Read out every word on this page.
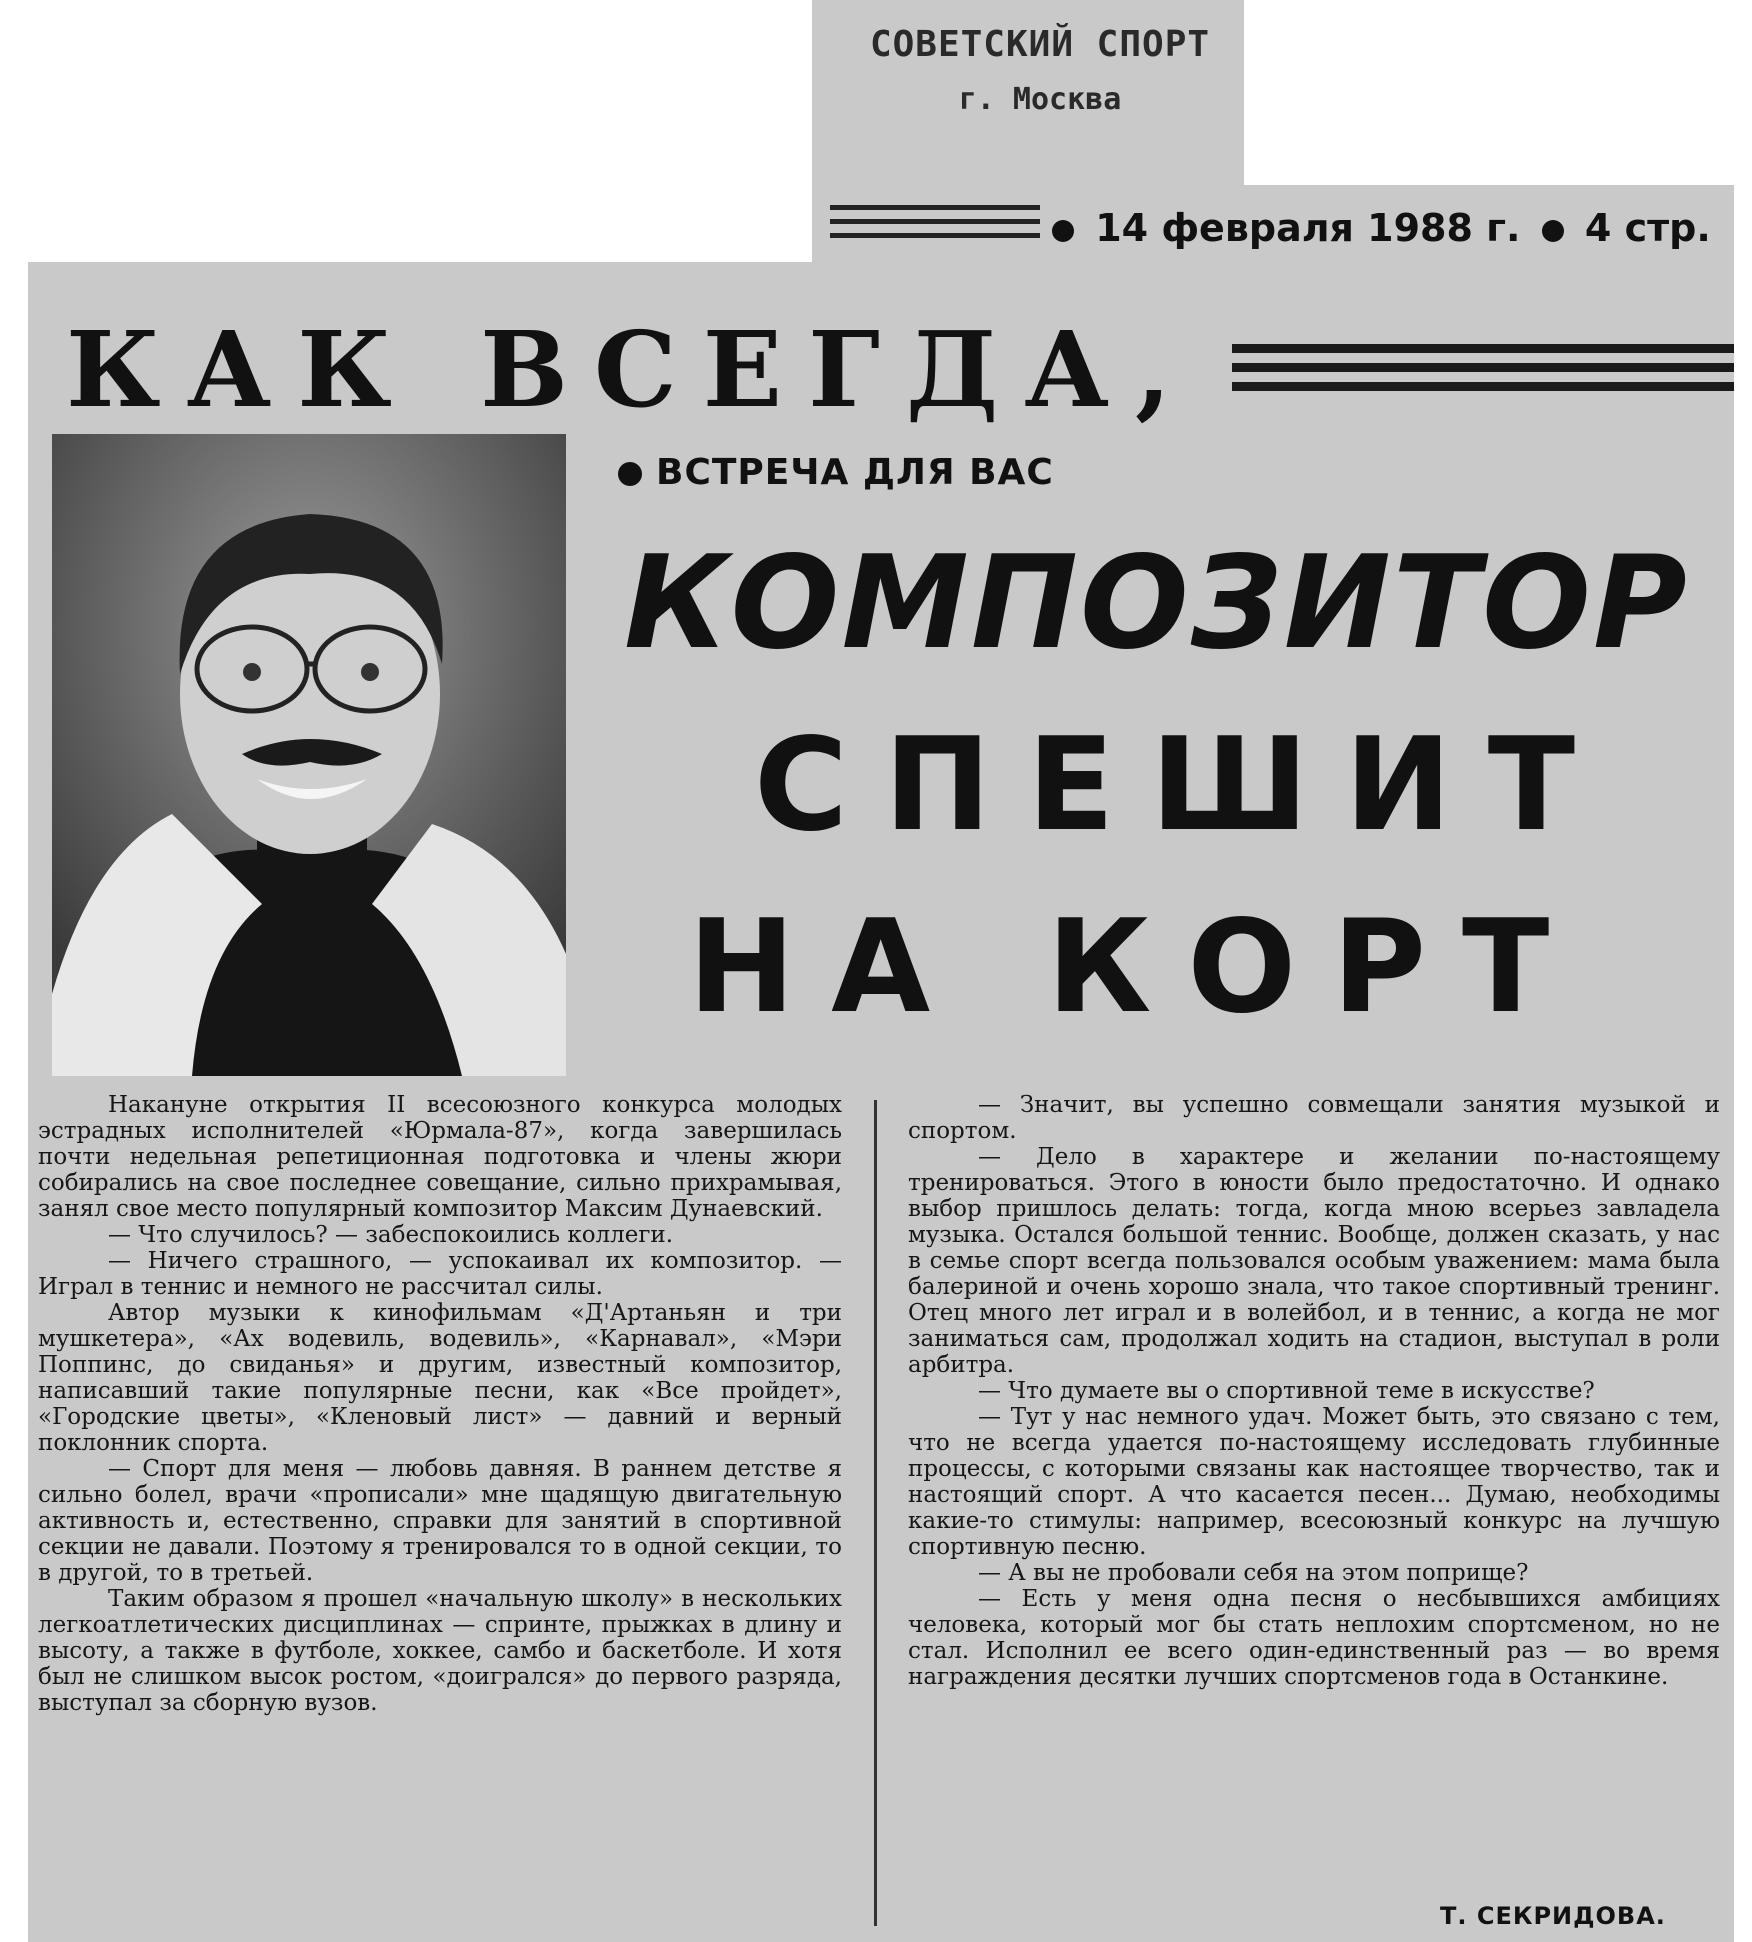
СОВЕТСКИЙ СПОРТ
г. Москва
14 февраля 1988 г. 4 стр.
КАК ВСЕГДА,
ВСТРЕЧА ДЛЯ ВАС
КОМПОЗИТОР
СПЕШИТ
НА КОРТ

Накануне открытия II всесоюзного конкурса молодых эстрадных исполнителей «Юрмала-87», когда завершилась почти недельная репетиционная подготовка и члены жюри собирались на свое последнее совещание, сильно прихрамывая, занял свое место популярный композитор Максим Дунаевский.

— Что случилось? — забеспокоились коллеги.

— Ничего страшного, — успокаивал их композитор. — Играл в теннис и немного не рассчитал силы.

Автор музыки к кинофильмам «Д'Артаньян и три мушкетера», «Ах водевиль, водевиль», «Карнавал», «Мэри Поппинс, до свиданья» и другим, известный композитор, написавший такие популярные песни, как «Все пройдет», «Городские цветы», «Кленовый лист» — давний и верный поклонник спорта.

— Спорт для меня — любовь давняя. В раннем детстве я сильно болел, врачи «прописали» мне щадящую двигательную активность и, естественно, справки для занятий в спортивной секции не давали. Поэтому я тренировался то в одной секции, то в другой, то в третьей.

Таким образом я прошел «начальную школу» в нескольких легкоатлетических дисциплинах — спринте, прыжках в длину и высоту, а также в футболе, хоккее, самбо и баскетболе. И хотя был не слишком высок ростом, «доигрался» до первого разряда, выступал за сборную вузов.

— Значит, вы успешно совмещали занятия музыкой и спортом.

— Дело в характере и желании по-настоящему тренироваться. Этого в юности было предостаточно. И однако выбор пришлось делать: тогда, когда мною всерьез завладела музыка. Остался большой теннис. Вообще, должен сказать, у нас в семье спорт всегда пользовался особым уважением: мама была балериной и очень хорошо знала, что такое спортивный тренинг. Отец много лет играл и в волейбол, и в теннис, а когда не мог заниматься сам, продолжал ходить на стадион, выступал в роли арбитра.

— Что думаете вы о спортивной теме в искусстве?

— Тут у нас немного удач. Может быть, это связано с тем, что не всегда удается по-настоящему исследовать глубинные процессы, с которыми связаны как настоящее творчество, так и настоящий спорт. А что касается песен... Думаю, необходимы какие-то стимулы: например, всесоюзный конкурс на лучшую спортивную песню.

— А вы не пробовали себя на этом поприще?

— Есть у меня одна песня о несбывшихся амбициях человека, который мог бы стать неплохим спортсменом, но не стал. Исполнил ее всего один-единственный раз — во время награждения десятки лучших спортсменов года в Останкине.

Т. СЕКРИДОВА.
